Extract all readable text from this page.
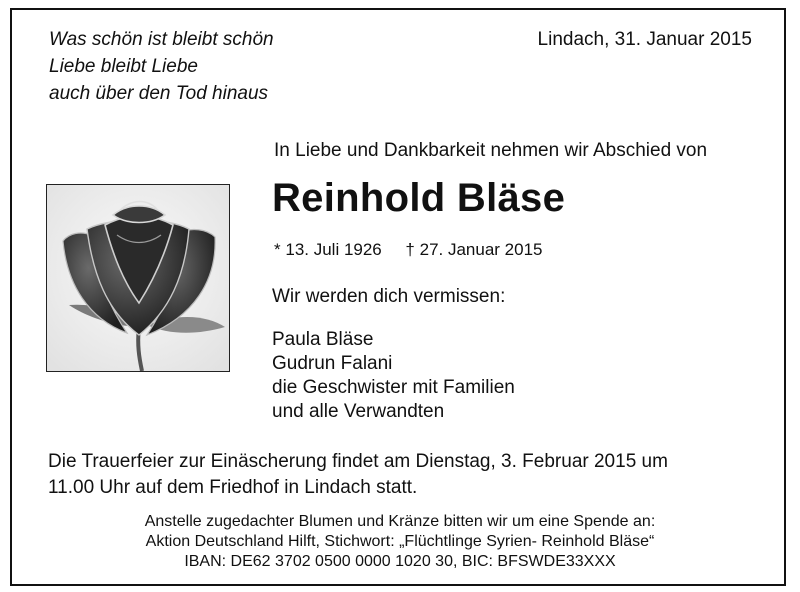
Was schön ist bleibt schön
Liebe bleibt Liebe
auch über den Tod hinaus
Lindach, 31. Januar 2015
In Liebe und Dankbarkeit nehmen wir Abschied von
Reinhold Bläse
* 13. Juli 1926 † 27. Januar 2015
Wir werden dich vermissen:
Paula Bläse
Gudrun Falani
die Geschwister mit Familien
und alle Verwandten
Die Trauerfeier zur Einäscherung findet am Dienstag, 3. Februar 2015 um
11.00 Uhr auf dem Friedhof in Lindach statt.
Anstelle zugedachter Blumen und Kränze bitten wir um eine Spende an:
Aktion Deutschland Hilft, Stichwort: „Flüchtlinge Syrien- Reinhold Bläse“
IBAN: DE62 3702 0500 0000 1020 30, BIC: BFSWDE33XXX
